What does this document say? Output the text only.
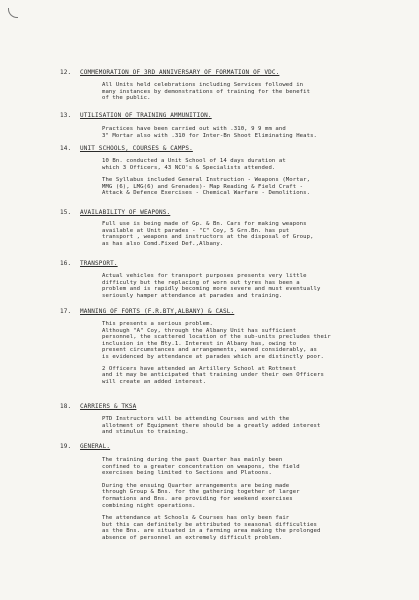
12.	COMMEMORATION OF 3RD ANNIVERSARY OF FORMATION OF VDC.

All Units held celebrations including Services followed in
many instances by demonstrations of training for the benefit
of the public.

13.	UTILISATION OF TRAINING AMMUNITION.

Practices have been carried out with .310, 9 9 mm and
3" Mortar also with .310 for Inter-Bn Shoot Eliminating Heats.

14.	UNIT SCHOOLS, COURSES & CAMPS.

10 Bn. conducted a Unit School of 14 days duration at
which 3 Officers, 43 NCO's & Specialists attended.

The Syllabus included General Instruction - Weapons (Mortar,
MMG (6), LMG(6) and Grenades)- Map Reading & Field Craft -
Attack & Defence Exercises - Chemical Warfare - Demolitions.

15.	AVAILABILITY OF WEAPONS.

Full use is being made of Gp. & Bn. Cars for making weapons
available at Unit parades - "C" Coy, 5 Grn.Bn. has put
transport , weapons and instructors at the disposal of Group,
as has also Comd.Fixed Def.,Albany.

16.	TRANSPORT.

Actual vehicles for transport purposes presents very little
difficulty but the replacing of worn out tyres has been a
problem and is rapidly becoming more severe and must eventually
seriously hamper attendance at parades and training.

17.	MANNING OF FORTS (F.R.BTY,ALBANY) & CASL.

This presents a serious problem.
Although "A" Coy, through the Albany Unit has sufficient
personnel, the scattered location of the sub-units precludes their
inclusion in the Bty.1. Interest in Albany has, owing to
present circumstances and arrangements, waned considerably, as
is evidenced by attendance at parades which are distinctly poor.

2 Officers have attended an Artillery School at Rottnest
and it may be anticipated that training under their own Officers
will create an added interest.

18.	CARRIERS & TKSA

PTD Instructors will be attending Courses and with the
allotment of Equipment there should be a greatly added interest
and stimulus to training.

19.	GENERAL.

The training during the past Quarter has mainly been
confined to a greater concentration on weapons, the field
exercises being limited to Sections and Platoons.

During the ensuing Quarter arrangements are being made
through Group & Bns. for the gathering together of larger
formations and Bns. are providing for weekend exercises
combining night operations.

The attendance at Schools & Courses has only been fair
but this can definitely be attributed to seasonal difficulties
as the Bns. are situated in a farming area making the prolonged
absence of personnel an extremely difficult problem.
